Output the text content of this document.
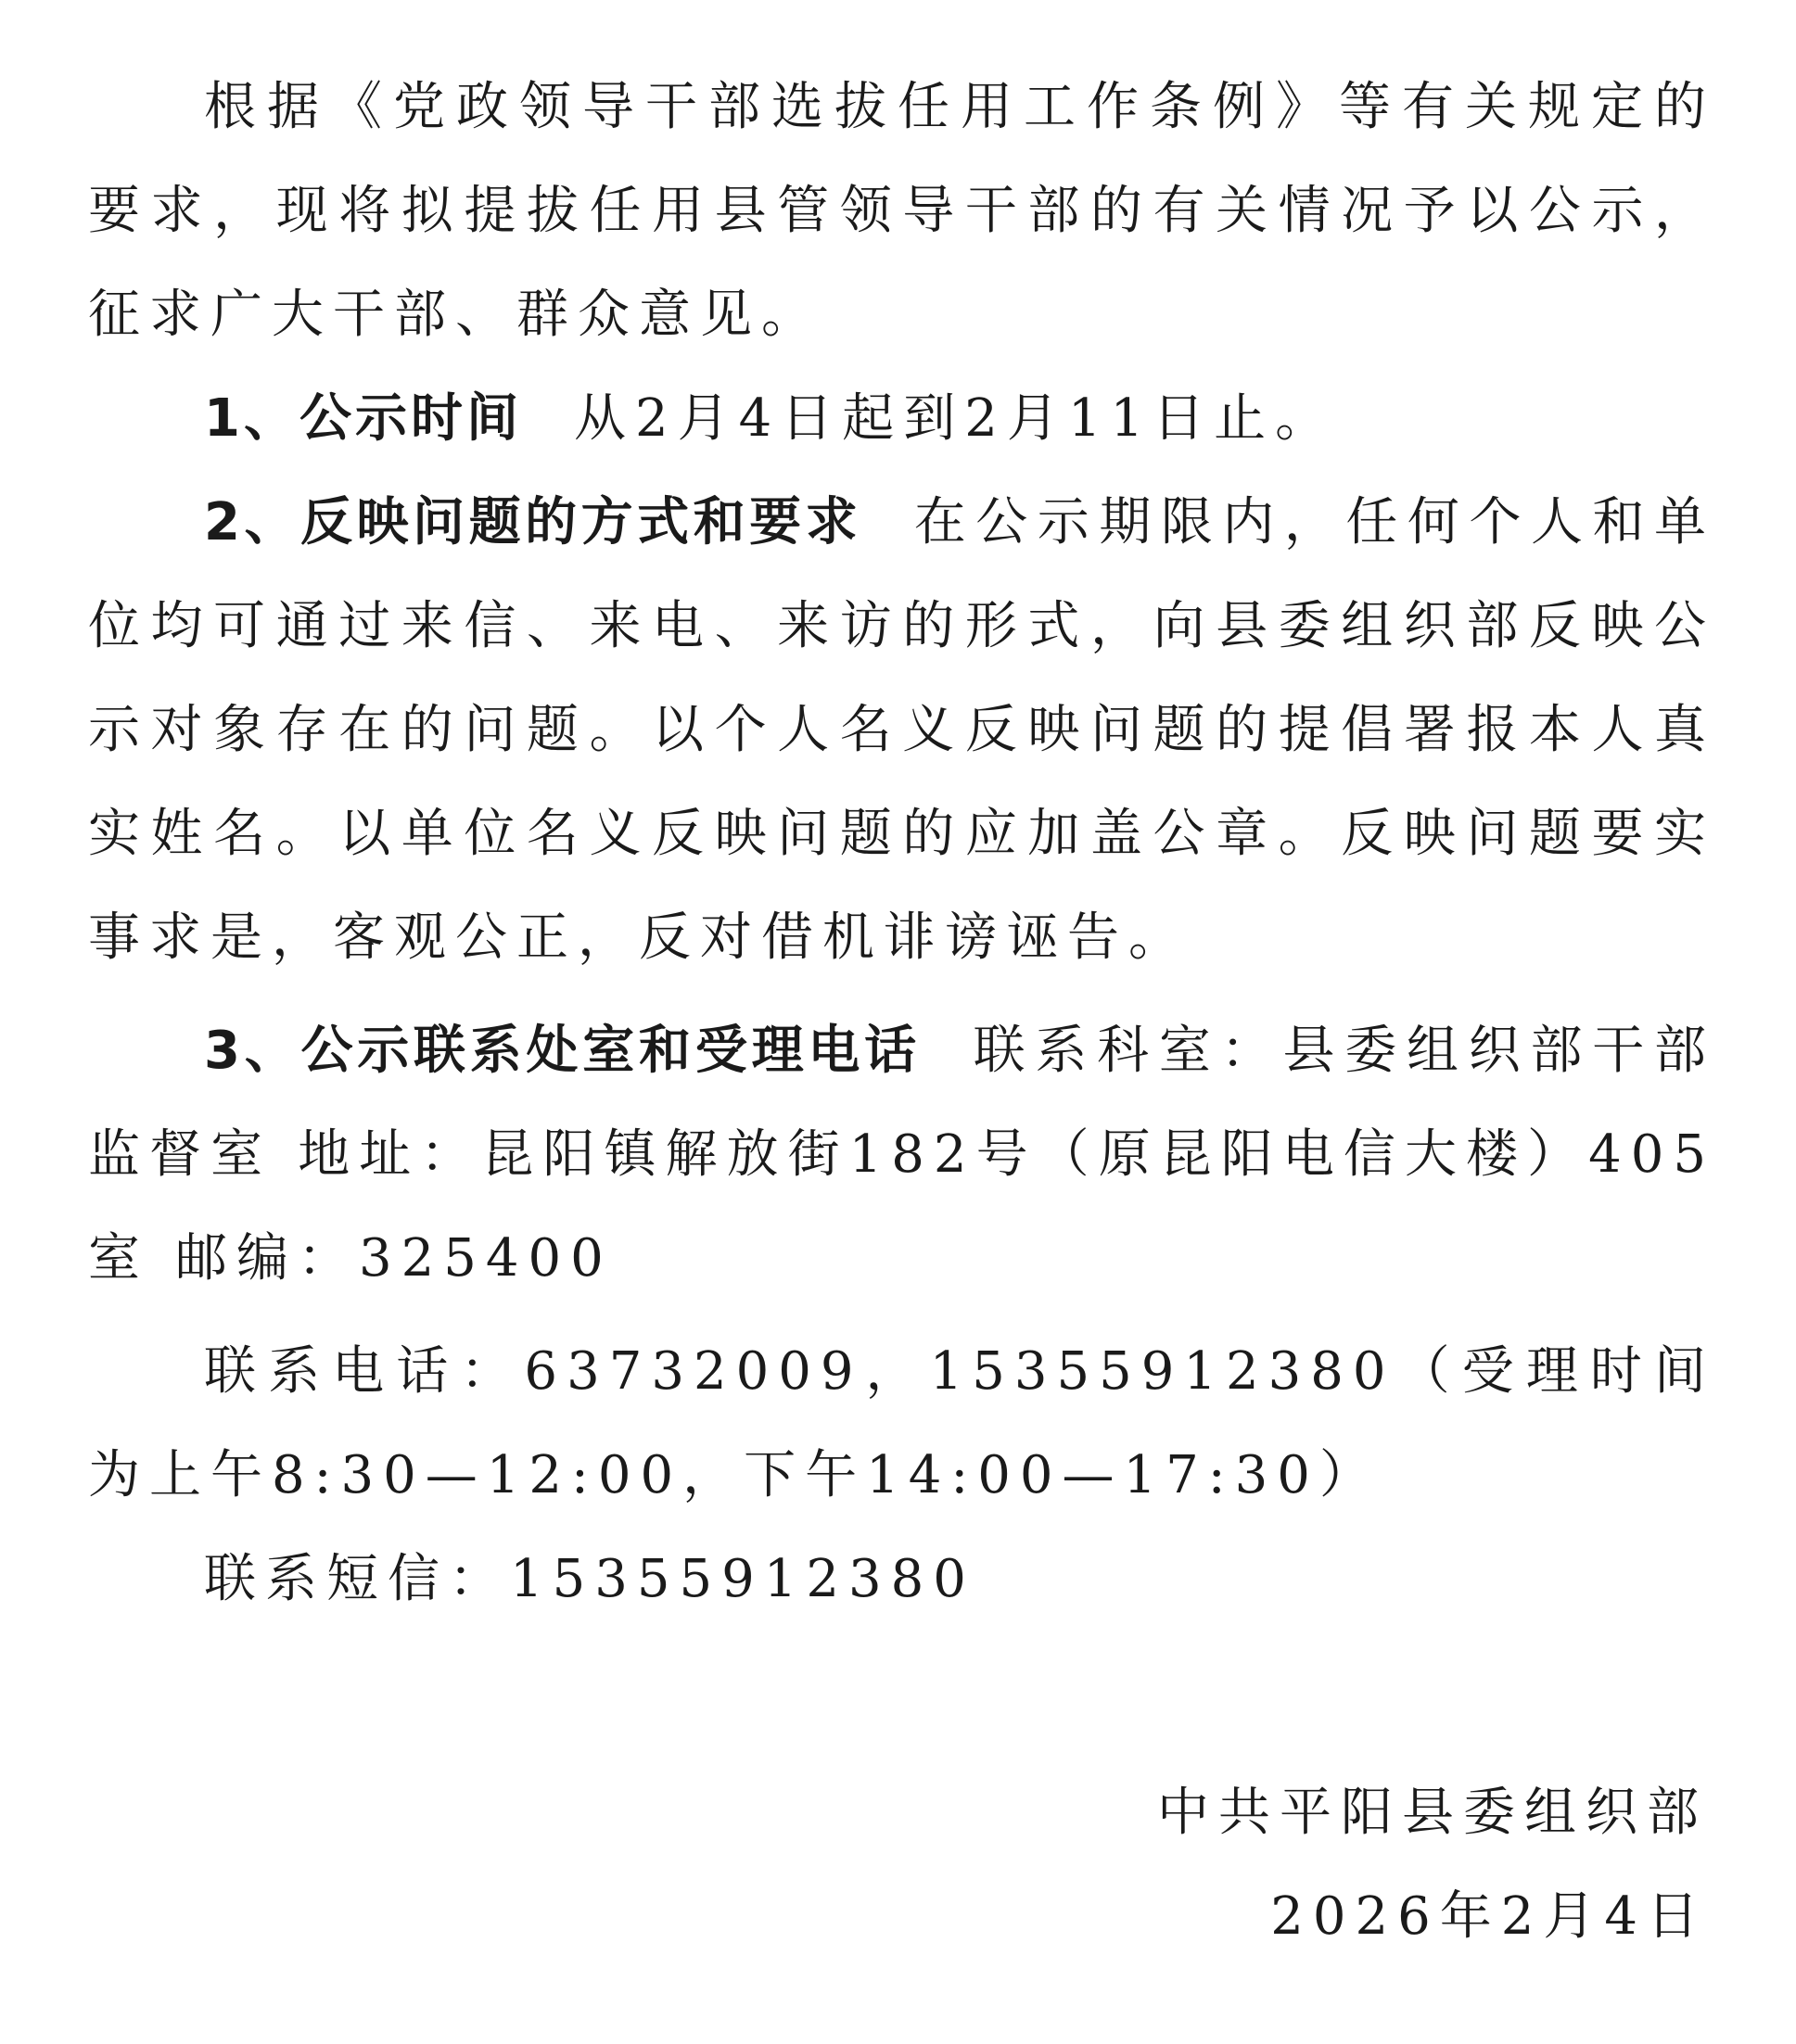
根据《党政领导干部选拔任用工作条例》等有关规定的要求，现将拟提拔任用县管领导干部的有关情况予以公示，征求广大干部、群众意见。

1、公示时间 从2月4日起到2月11日止。

2、反映问题的方式和要求 在公示期限内，任何个人和单位均可通过来信、来电、来访的形式，向县委组织部反映公示对象存在的问题。以个人名义反映问题的提倡署报本人真实姓名。以单位名义反映问题的应加盖公章。反映问题要实事求是，客观公正，反对借机诽谤诬告。

3、公示联系处室和受理电话 联系科室：县委组织部干部监督室 地址：昆阳镇解放街182号（原昆阳电信大楼）405室 邮编：325400

联系电话：63732009，15355912380（受理时间为上午8:30—12:00，下午14:00—17:30）

联系短信：15355912380

中共平阳县委组织部

2026年2月4日
